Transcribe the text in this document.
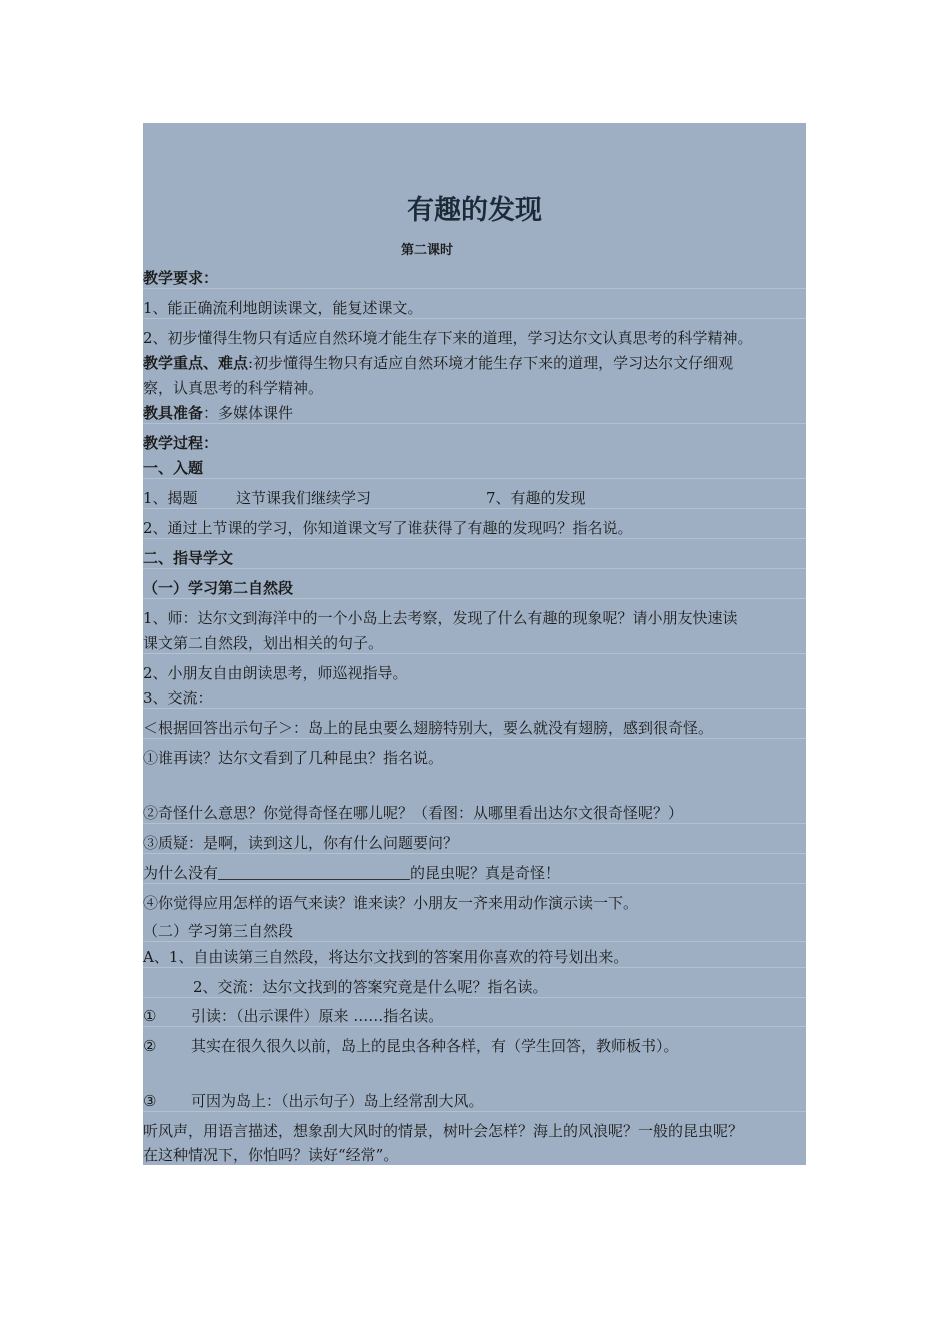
有趣的发现
第二课时
教学要求：
1、能正确流利地朗读课文，能复述课文。
2、初步懂得生物只有适应自然环境才能生存下来的道理，学习达尔文认真思考的科学精神。
教学重点、难点:初步懂得生物只有适应自然环境才能生存下来的道理，学习达尔文仔细观
察，认真思考的科学精神。
教具准备：多媒体课件
教学过程：
一、入题
1、揭题	这节课我们继续学习	7、有趣的发现
2、通过上节课的学习，你知道课文写了谁获得了有趣的发现吗？指名说。
二、指导学文
（一）学习第二自然段
1、师：达尔文到海洋中的一个小岛上去考察，发现了什么有趣的现象呢？请小朋友快速读
课文第二自然段，划出相关的句子。
2、小朋友自由朗读思考，师巡视指导。
3、交流：
＜根据回答出示句子＞：岛上的昆虫要么翅膀特别大，要么就没有翅膀，感到很奇怪。
①谁再读？达尔文看到了几种昆虫？指名说。
②奇怪什么意思？你觉得奇怪在哪儿呢？（看图：从哪里看出达尔文很奇怪呢？）
③质疑：是啊，读到这儿，你有什么问题要问？
为什么没有	的昆虫呢？真是奇怪！
④你觉得应用怎样的语气来读？谁来读？小朋友一齐来用动作演示读一下。
（二）学习第三自然段
A、1、自由读第三自然段，将达尔文找到的答案用你喜欢的符号划出来。
2、交流：达尔文找到的答案究竟是什么呢？指名读。
① 引读：（出示课件）原来 ……指名读。
② 其实在很久很久以前，岛上的昆虫各种各样，有（学生回答，教师板书）。
③ 可因为岛上：（出示句子）岛上经常刮大风。
听风声，用语言描述，想象刮大风时的情景，树叶会怎样？海上的风浪呢？一般的昆虫呢？
在这种情况下，你怕吗？读好“经常”。
